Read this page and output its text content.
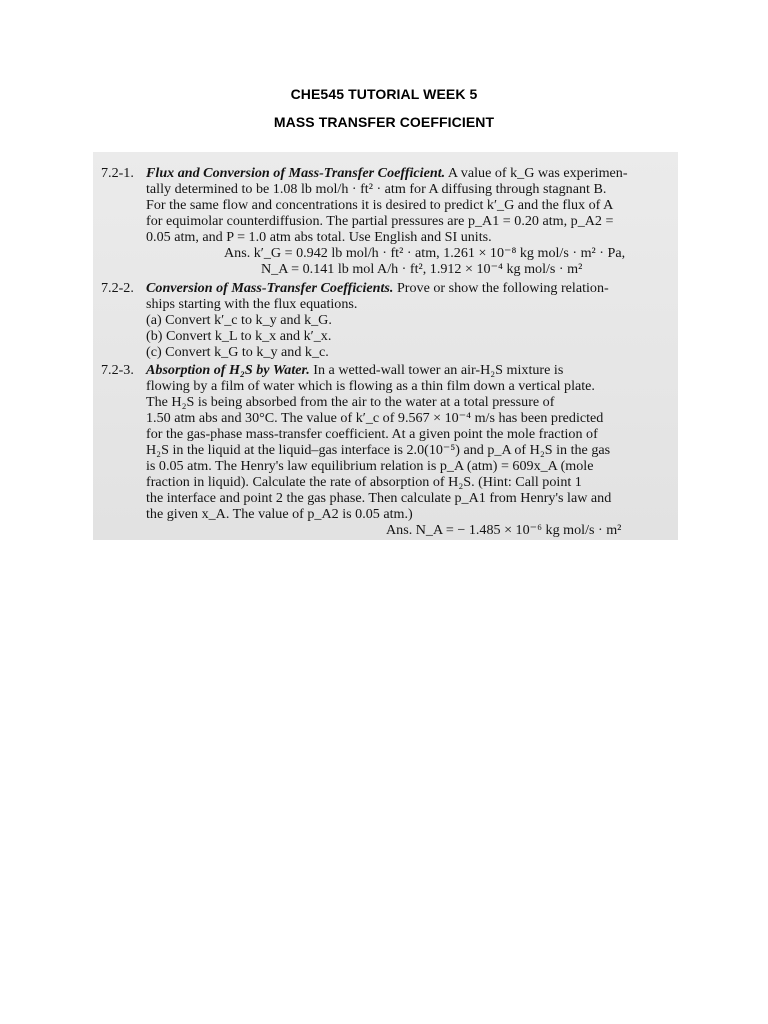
CHE545 TUTORIAL WEEK 5
MASS TRANSFER COEFFICIENT
7.2-1. Flux and Conversion of Mass-Transfer Coefficient. A value of k_G was experimen-
tally determined to be 1.08 lb mol/h · ft² · atm for A diffusing through stagnant B.
For the same flow and concentrations it is desired to predict k′_G and the flux of A
for equimolar counterdiffusion. The partial pressures are p_A1 = 0.20 atm, p_A2 =
0.05 atm, and P = 1.0 atm abs total. Use English and SI units.
Ans. k′_G = 0.942 lb mol/h · ft² · atm, 1.261 × 10⁻⁸ kg mol/s · m² · Pa,
N_A = 0.141 lb mol A/h · ft², 1.912 × 10⁻⁴ kg mol/s · m²
7.2-2. Conversion of Mass-Transfer Coefficients. Prove or show the following relation-
ships starting with the flux equations.
(a) Convert k′_c to k_y and k_G.
(b) Convert k_L to k_x and k′_x.
(c) Convert k_G to k_y and k_c.
7.2-3. Absorption of H₂S by Water. In a wetted-wall tower an air-H₂S mixture is
flowing by a film of water which is flowing as a thin film down a vertical plate.
The H₂S is being absorbed from the air to the water at a total pressure of
1.50 atm abs and 30°C. The value of k′_c of 9.567 × 10⁻⁴ m/s has been predicted
for the gas-phase mass-transfer coefficient. At a given point the mole fraction of
H₂S in the liquid at the liquid–gas interface is 2.0(10⁻⁵) and p_A of H₂S in the gas
is 0.05 atm. The Henry's law equilibrium relation is p_A (atm) = 609x_A (mole
fraction in liquid). Calculate the rate of absorption of H₂S. (Hint: Call point 1
the interface and point 2 the gas phase. Then calculate p_A1 from Henry's law and
the given x_A. The value of p_A2 is 0.05 atm.)
Ans. N_A = − 1.485 × 10⁻⁶ kg mol/s · m²
